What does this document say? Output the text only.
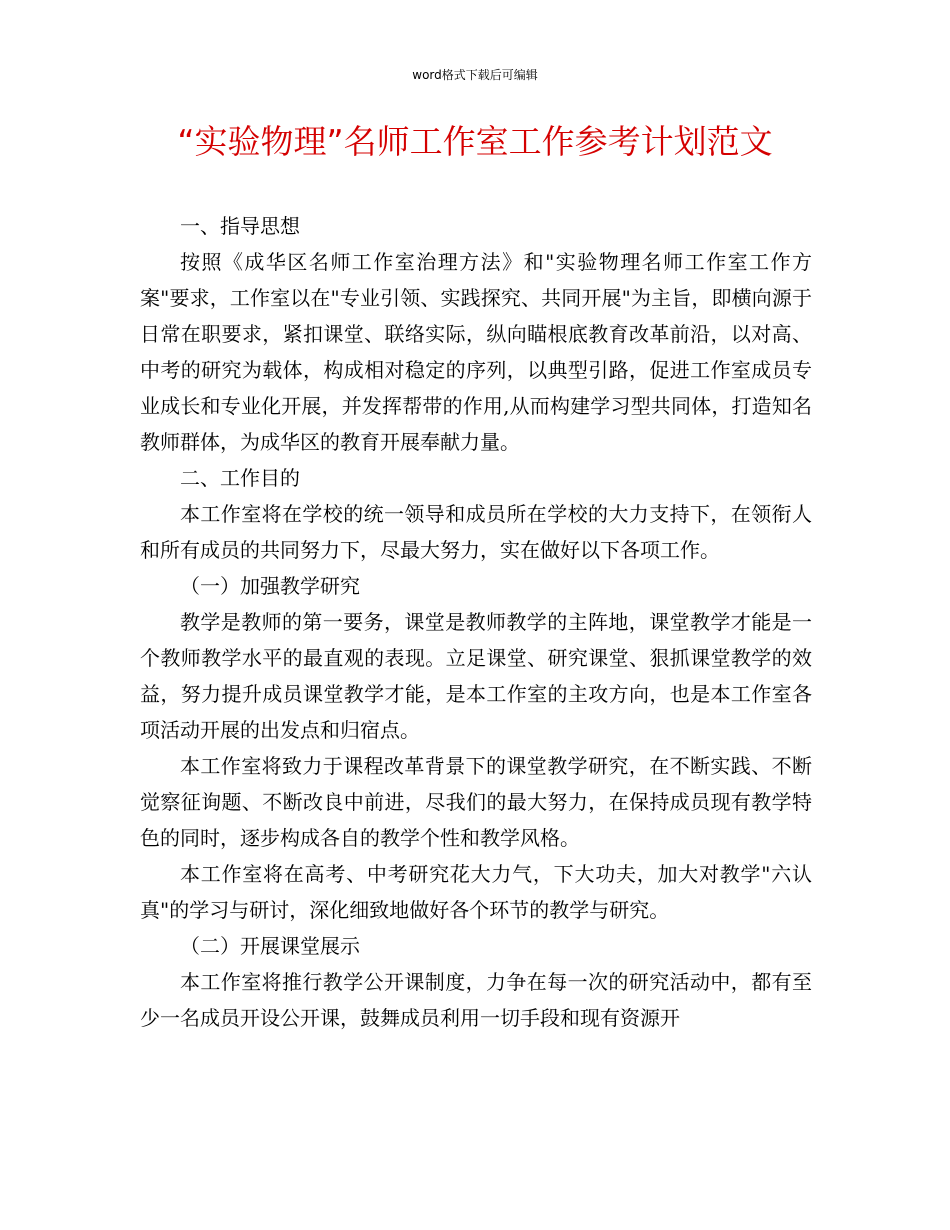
word格式下载后可编辑
“实验物理”名师工作室工作参考计划范文

一、指导思想

按照《成华区名师工作室治理方法》和"实验物理名师工作室工作方案"要求，工作室以在"专业引领、实践探究、共同开展"为主旨，即横向源于日常在职要求，紧扣课堂、联络实际，纵向瞄根底教育改革前沿，以对高、中考的研究为载体，构成相对稳定的序列，以典型引路，促进工作室成员专业成长和专业化开展，并发挥帮带的作用,从而构建学习型共同体，打造知名教师群体，为成华区的教育开展奉献力量。

二、工作目的

本工作室将在学校的统一领导和成员所在学校的大力支持下，在领衔人和所有成员的共同努力下，尽最大努力，实在做好以下各项工作。

（一）加强教学研究

教学是教师的第一要务，课堂是教师教学的主阵地，课堂教学才能是一个教师教学水平的最直观的表现。立足课堂、研究课堂、狠抓课堂教学的效益，努力提升成员课堂教学才能，是本工作室的主攻方向，也是本工作室各项活动开展的出发点和归宿点。

本工作室将致力于课程改革背景下的课堂教学研究，在不断实践、不断觉察征询题、不断改良中前进，尽我们的最大努力，在保持成员现有教学特色的同时，逐步构成各自的教学个性和教学风格。

本工作室将在高考、中考研究花大力气，下大功夫，加大对教学"六认真"的学习与研讨，深化细致地做好各个环节的教学与研究。

（二）开展课堂展示

本工作室将推行教学公开课制度，力争在每一次的研究活动中，都有至少一名成员开设公开课，鼓舞成员利用一切手段和现有资源开
